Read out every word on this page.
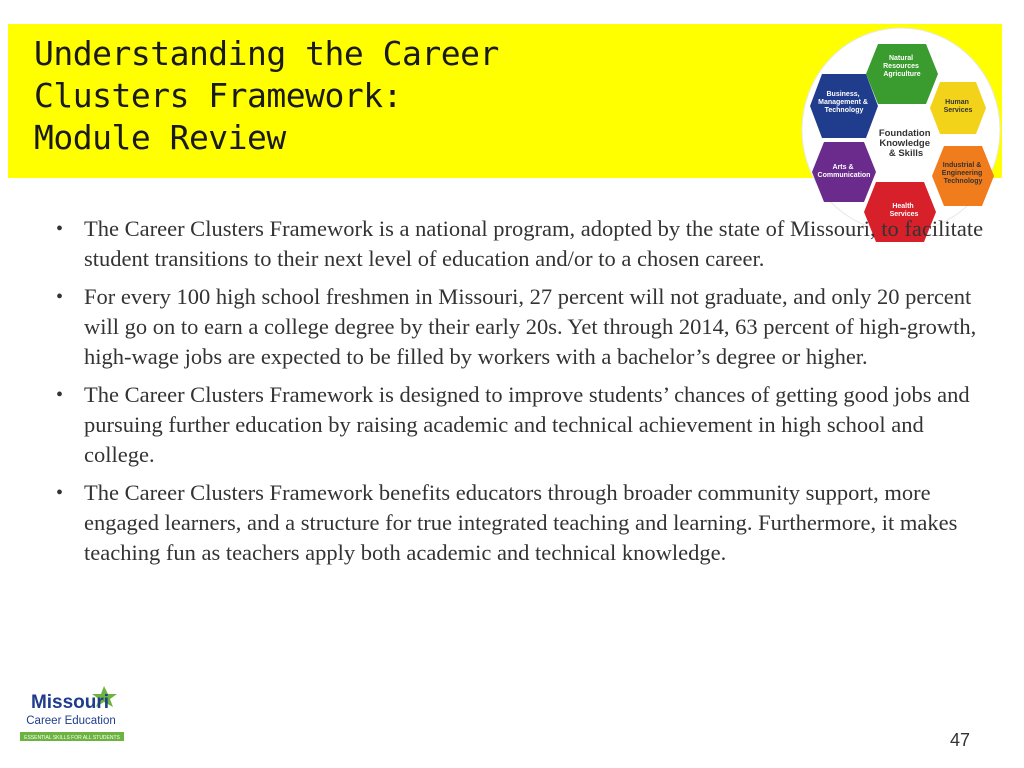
Understanding the Career
Clusters Framework:
Module Review
Natural Resources Agriculture
Human Services
Industrial & Engineering Technology
Health Services
Arts & Communication
Business, Management & Technology
Foundation Knowledge & Skills
• The Career Clusters Framework is a national program, adopted by the state of Missouri, to facilitate student transitions to their next level of education and/or to a chosen career.
• For every 100 high school freshmen in Missouri, 27 percent will not graduate, and only 20 percent will go on to earn a college degree by their early 20s. Yet through 2014, 63 percent of high-growth, high-wage jobs are expected to be filled by workers with a bachelor’s degree or higher.
• The Career Clusters Framework is designed to improve students’ chances of getting good jobs and pursuing further education by raising academic and technical achievement in high school and college.
• The Career Clusters Framework benefits educators through broader community support, more engaged learners, and a structure for true integrated teaching and learning. Furthermore, it makes teaching fun as teachers apply both academic and technical knowledge.
Missouri
Career Education
ESSENTIAL SKILLS FOR ALL STUDENTS	47
